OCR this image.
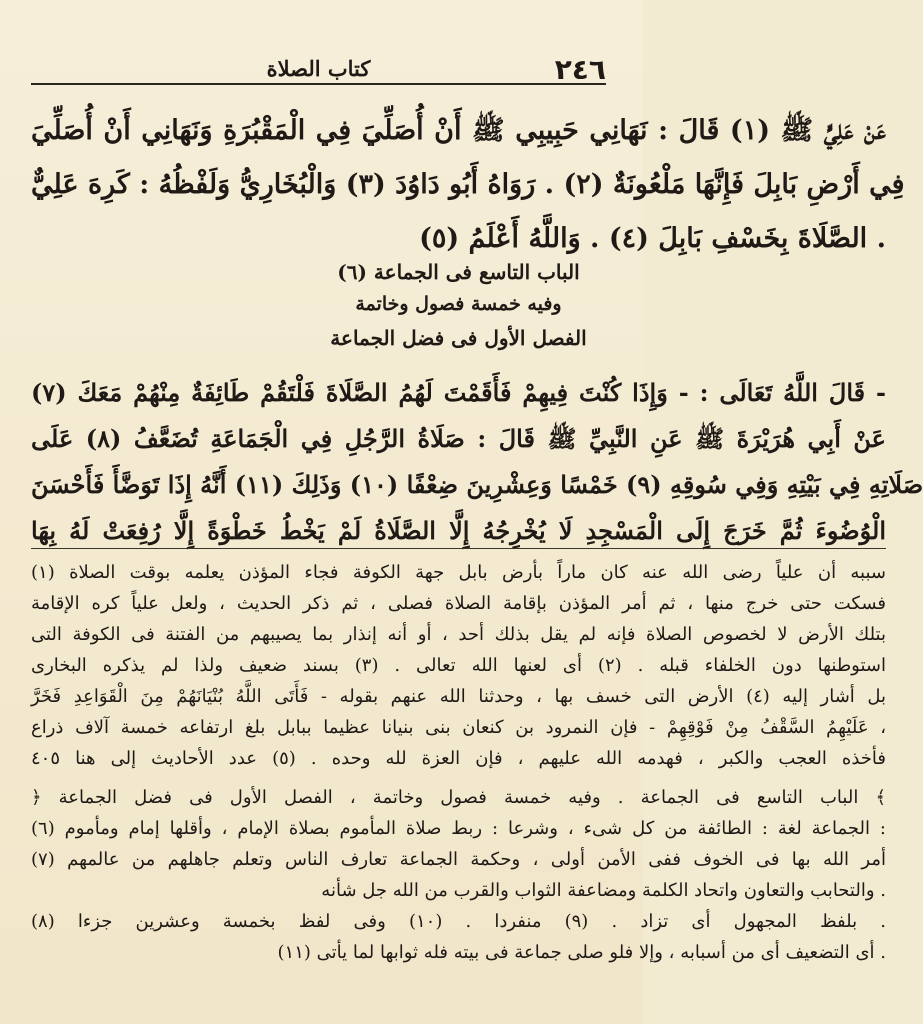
٢٤٦
كتاب الصلاة
عَنْ عَلِيٍّ ﷺ (١) قَالَ : نَهَانِي حَبِيبِي ﷺ أَنْ أُصَلِّيَ فِي الْمَقْبُرَةِ وَنَهَانِي أَنْ أُصَلِّيَ
فِي أَرْضِ بَابِلَ فَإِنَّهَا مَلْعُونَةٌ (٢) . رَوَاهُ أَبُو دَاوُدَ (٣) وَالْبُخَارِيُّ وَلَفْظُهُ : كَرِهَ عَلِيٌّ
الصَّلَاةَ بِخَسْفِ بَابِلَ (٤) . وَاللَّهُ أَعْلَمُ (٥) .
الباب التاسع فى الجماعة (٦)
وفيه خمسة فصول وخاتمة
الفصل الأول فى فضل الجماعة
قَالَ اللَّهُ تَعَالَى : - وَإِذَا كُنْتَ فِيهِمْ فَأَقَمْتَ لَهُمُ الصَّلَاةَ فَلْتَقُمْ طَائِفَةٌ مِنْهُمْ مَعَكَ (٧) -
عَنْ أَبِي هُرَيْرَةَ ﷺ عَنِ النَّبِيِّ ﷺ قَالَ : صَلَاةُ الرَّجُلِ فِي الْجَمَاعَةِ تُضَعَّفُ (٨) عَلَى
صَلَاتِهِ فِي بَيْتِهِ وَفِي سُوقِهِ (٩) خَمْسًا وَعِشْرِينَ ضِعْفًا (١٠) وَذَلِكَ (١١) أَنَّهُ إِذَا تَوَضَّأَ فَأَحْسَنَ
الْوُضُوءَ ثُمَّ خَرَجَ إِلَى الْمَسْجِدِ لَا يُخْرِجُهُ إِلَّا الصَّلَاةُ لَمْ يَخْطُ خَطْوَةً إِلَّا رُفِعَتْ لَهُ بِهَا
(١) سببه أن علياً رضى الله عنه كان ماراً بأرض بابل جهة الكوفة فجاء المؤذن يعلمه بوقت الصلاة
فسكت حتى خرج منها ، ثم أمر المؤذن بإقامة الصلاة فصلى ، ثم ذكر الحديث ، ولعل علياً كره الإقامة
بتلك الأرض لا لخصوص الصلاة فإنه لم يقل بذلك أحد ، أو أنه إنذار بما يصيبهم من الفتنة فى الكوفة التى
استوطنها دون الخلفاء قبله . (٢) أى لعنها الله تعالى . (٣) بسند ضعيف ولذا لم يذكره البخارى
بل أشار إليه (٤) الأرض التى خسف بها ، وحدثنا الله عنهم بقوله - فَأَتَى اللَّهُ بُنْيَانَهُمْ مِنَ الْقَوَاعِدِ فَخَرَّ
عَلَيْهِمُ السَّقْفُ مِنْ فَوْقِهِمْ - فإن النمرود بن كنعان بنى بنيانا عظيما ببابل بلغ ارتفاعه خمسة آلاف ذراع ،
فأخذه العجب والكبر ، فهدمه الله عليهم ، فإن العزة لله وحده . (٥) عدد الأحاديث إلى هنا ٤٠٥
﴿ الباب التاسع فى الجماعة . وفيه خمسة فصول وخاتمة ، الفصل الأول فى فضل الجماعة ﴾
(٦) الجماعة لغة : الطائفة من كل شىء ، وشرعا : ربط صلاة المأموم بصلاة الإمام ، وأقلها إمام ومأموم :
(٧) أمر الله بها فى الخوف ففى الأمن أولى ، وحكمة الجماعة تعارف الناس وتعلم جاهلهم من عالمهم
والتحابب والتعاون واتحاد الكلمة ومضاعفة الثواب والقرب من الله جل شأنه .
(٨) بلفظ المجهول أى تزاد . (٩) منفردا . (١٠) وفى لفظ بخمسة وعشرين جزءا .
(١١) أى التضعيف أى من أسبابه ، وإلا فلو صلى جماعة فى بيته فله ثوابها لما يأتى .
